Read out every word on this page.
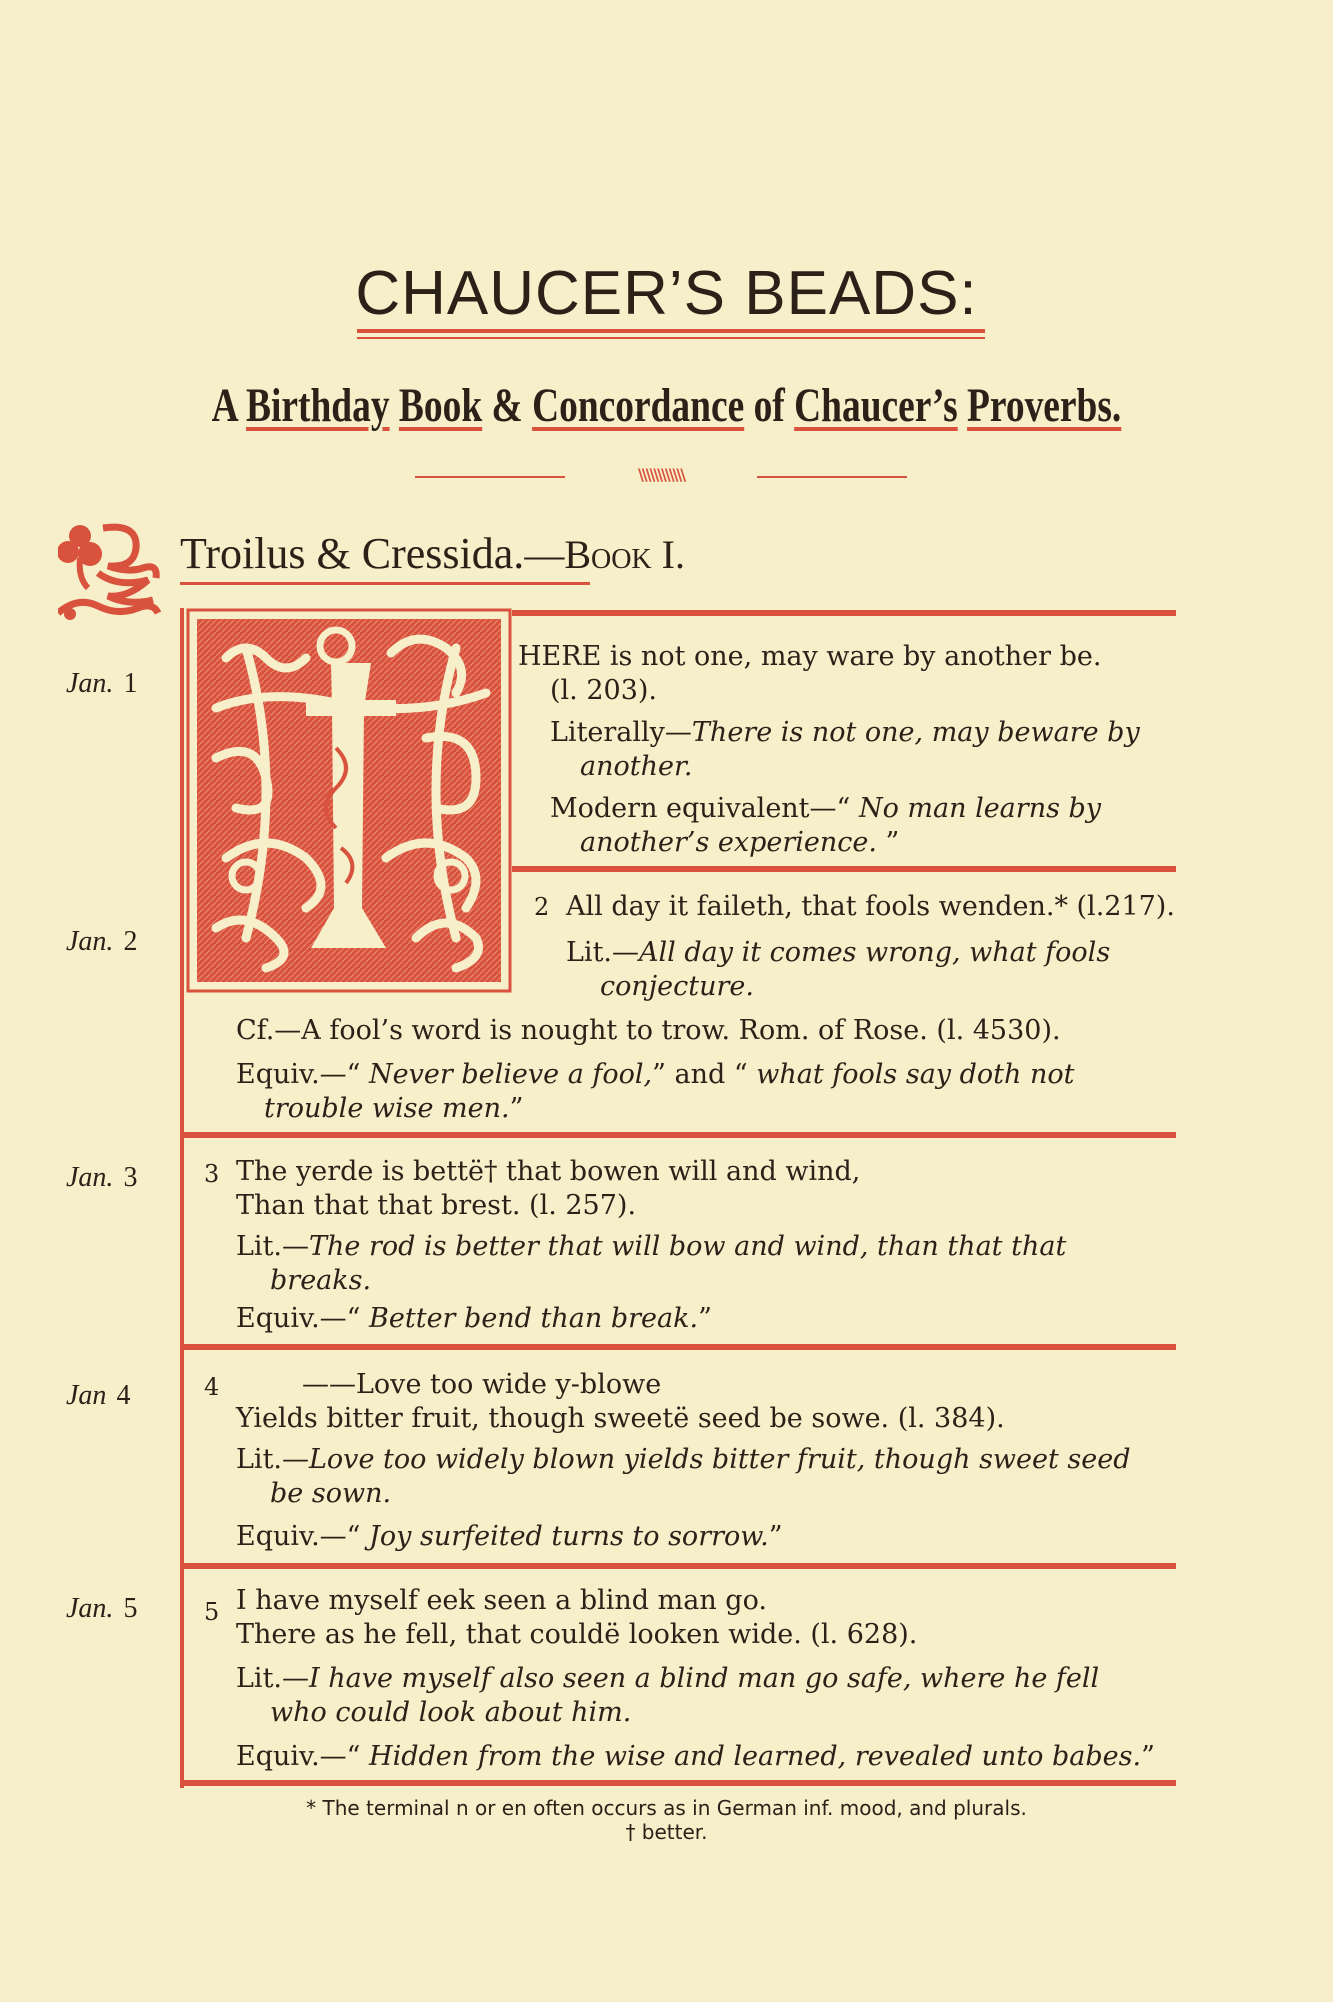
CHAUCER’S BEADS:
A Birthday Book & Concordance of Chaucer’s Proverbs.
\\\\\\\\\\\\
Troilus & Cressida.—Book I.
Jan. 1
HERE is not one, may ware by another be.
(l. 203).
Literally—There is not one, may beware by
another.
Modern equivalent—“ No man learns by
another’s experience. ”
Jan. 2
2 All day it faileth, that fools wenden.* (l.217).
Lit.—All day it comes wrong, what fools
conjecture.
Cf.—A fool’s word is nought to trow. Rom. of Rose. (l. 4530).
Equiv.—“ Never believe a fool,” and “ what fools say doth not
trouble wise men.”
Jan. 3	3 The yerde is bettë† that bowen will and wind,
Than that that brest. (l. 257).
Lit.—The rod is better that will bow and wind, than that that
breaks.
Equiv.—“ Better bend than break.”
Jan 4	4	——Love too wide y-blowe
Yields bitter fruit, though sweetë seed be sowe. (l. 384).
Lit.—Love too widely blown yields bitter fruit, though sweet seed
be sown.
Equiv.—“ Joy surfeited turns to sorrow.”
Jan. 5	5 I have myself eek seen a blind man go.
There as he fell, that couldë looken wide. (l. 628).
Lit.—I have myself also seen a blind man go safe, where he fell
who could look about him.
Equiv.—“ Hidden from the wise and learned, revealed unto babes.”
* The terminal n or en often occurs as in German inf. mood, and plurals.
† better.
